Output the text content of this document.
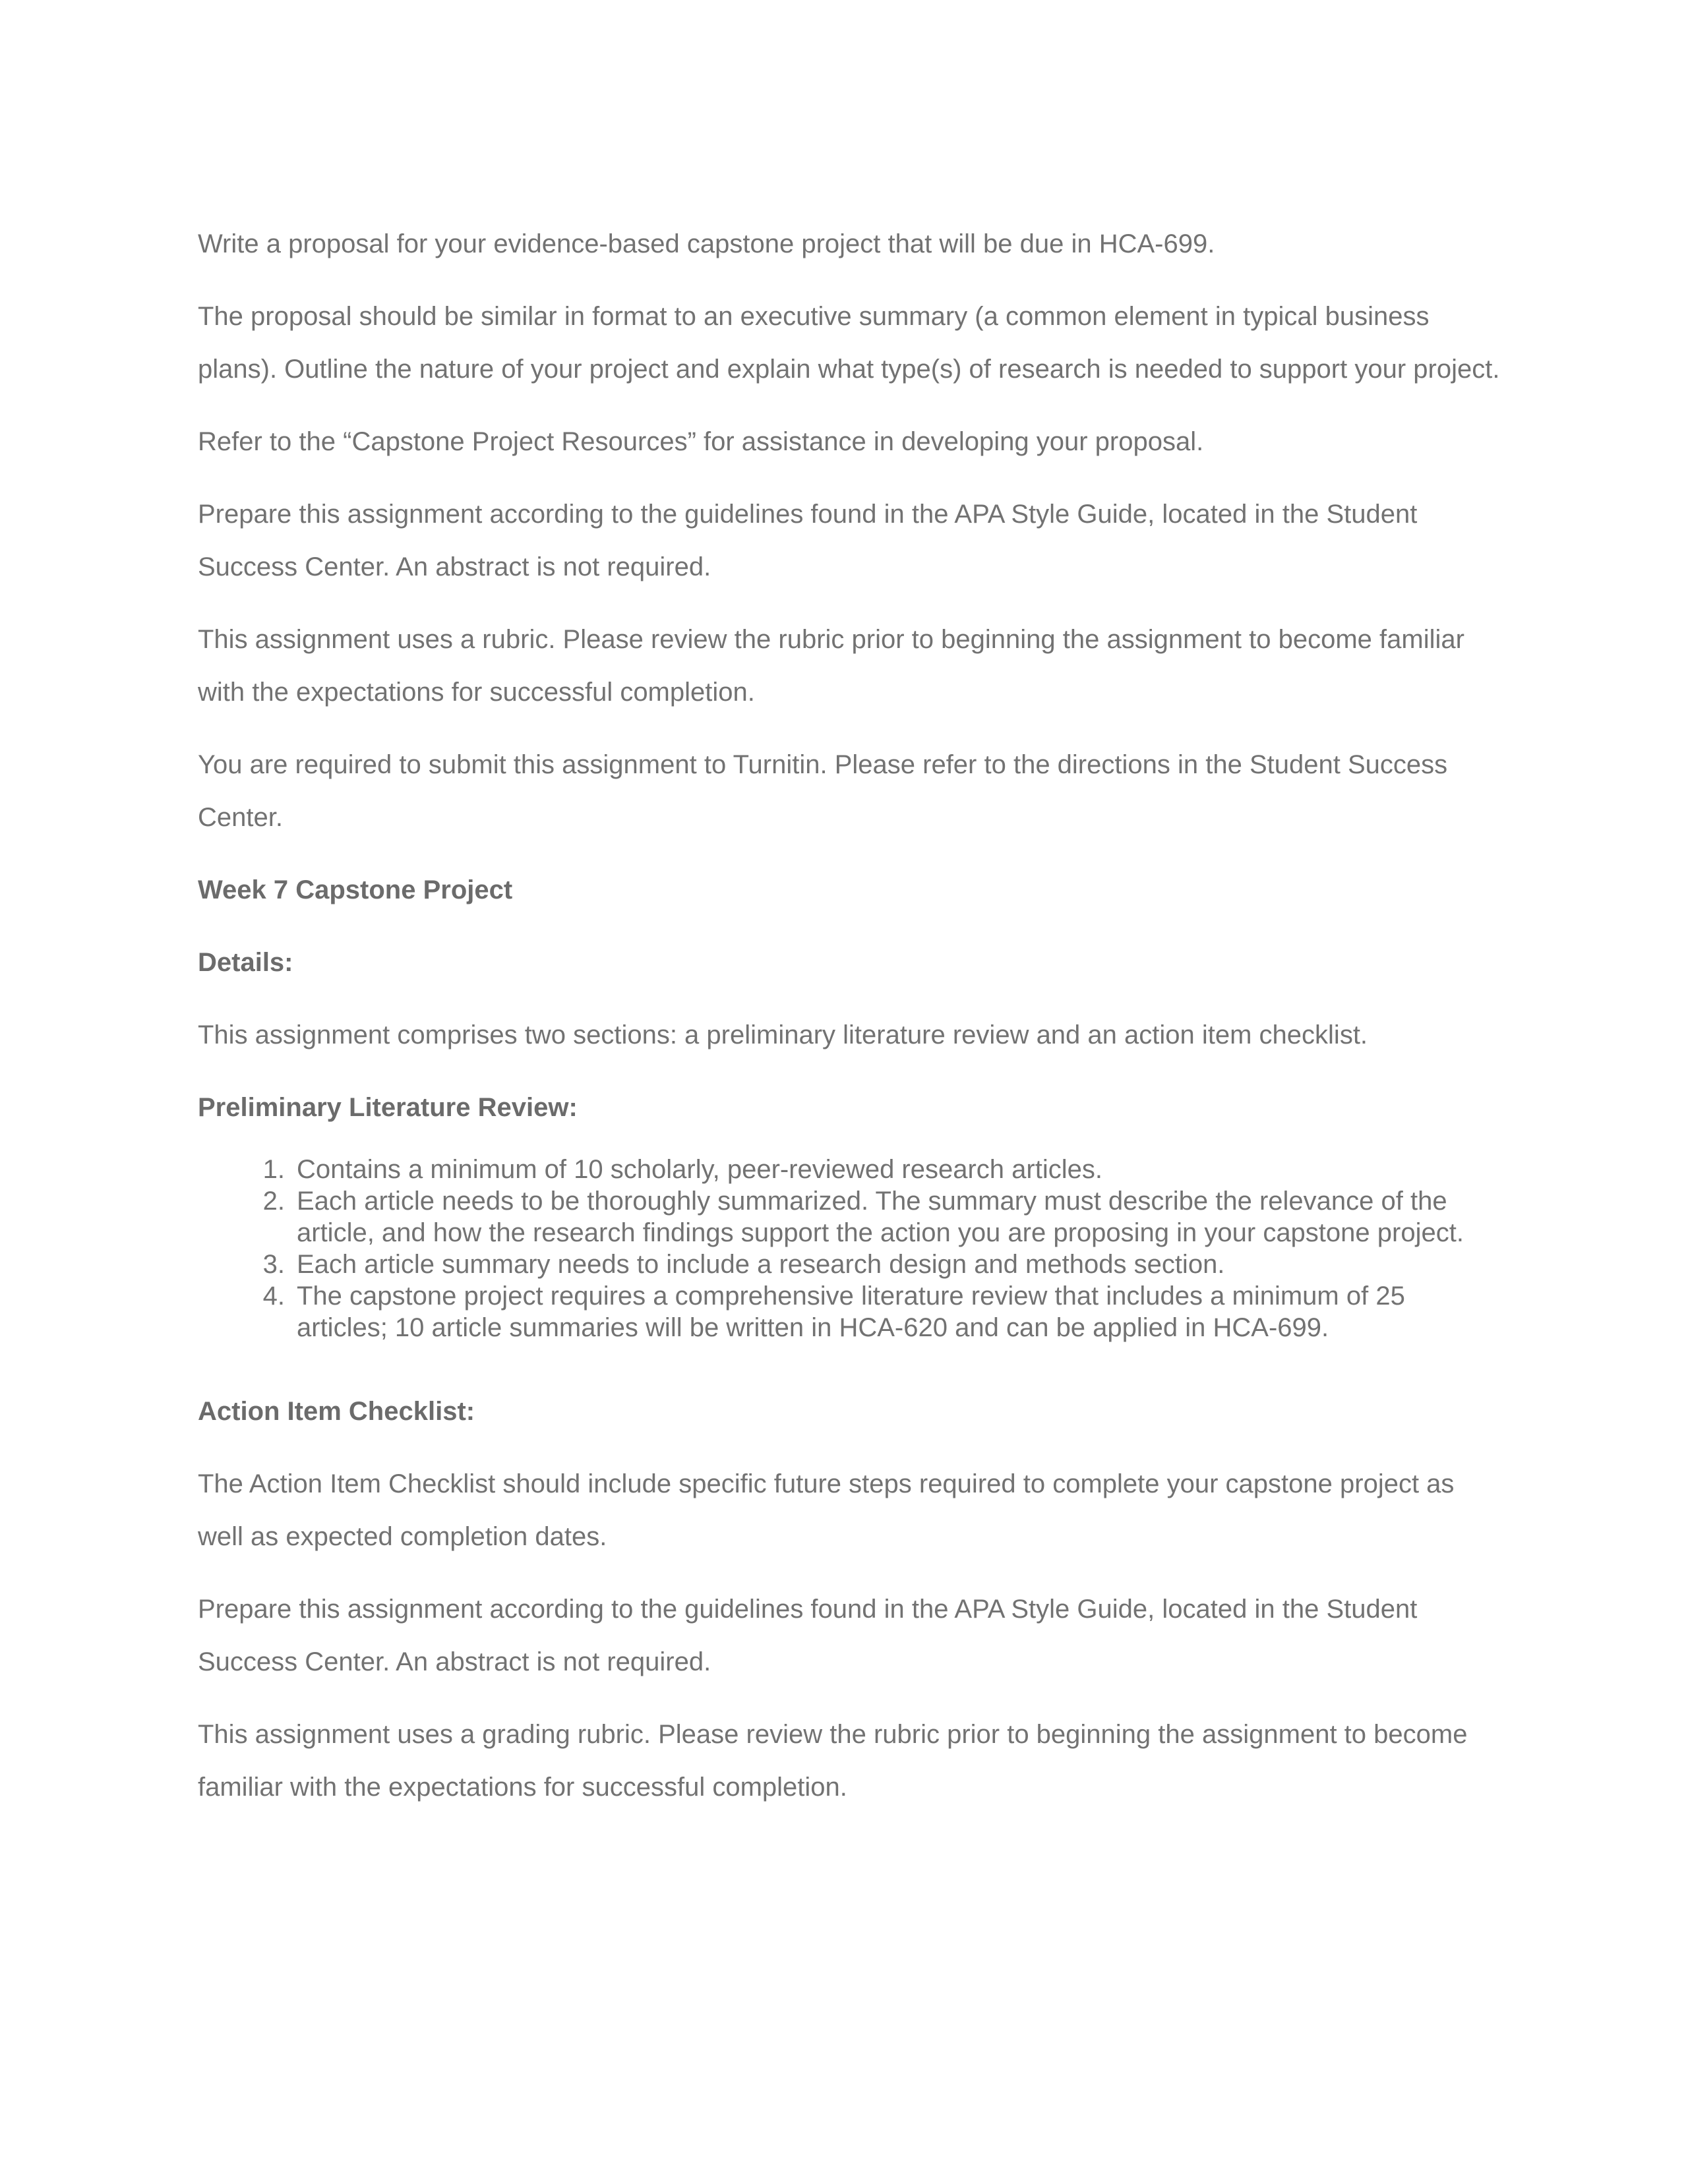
Write a proposal for your evidence-based capstone project that will be due in HCA-699.

The proposal should be similar in format to an executive summary (a common element in typical business plans). Outline the nature of your project and explain what type(s) of research is needed to support your project.

Refer to the “Capstone Project Resources” for assistance in developing your proposal.

Prepare this assignment according to the guidelines found in the APA Style Guide, located in the Student Success Center. An abstract is not required.

This assignment uses a rubric. Please review the rubric prior to beginning the assignment to become familiar with the expectations for successful completion.

You are required to submit this assignment to Turnitin. Please refer to the directions in the Student Success Center.

Week 7 Capstone Project

Details:

This assignment comprises two sections: a preliminary literature review and an action item checklist.

Preliminary Literature Review:

1. Contains a minimum of 10 scholarly, peer-reviewed research articles.
2. Each article needs to be thoroughly summarized. The summary must describe the relevance of the article, and how the research findings support the action you are proposing in your capstone project.
3. Each article summary needs to include a research design and methods section.
4. The capstone project requires a comprehensive literature review that includes a minimum of 25 articles; 10 article summaries will be written in HCA-620 and can be applied in HCA-699.

Action Item Checklist:

The Action Item Checklist should include specific future steps required to complete your capstone project as well as expected completion dates.

Prepare this assignment according to the guidelines found in the APA Style Guide, located in the Student Success Center. An abstract is not required.

This assignment uses a grading rubric. Please review the rubric prior to beginning the assignment to become familiar with the expectations for successful completion.
